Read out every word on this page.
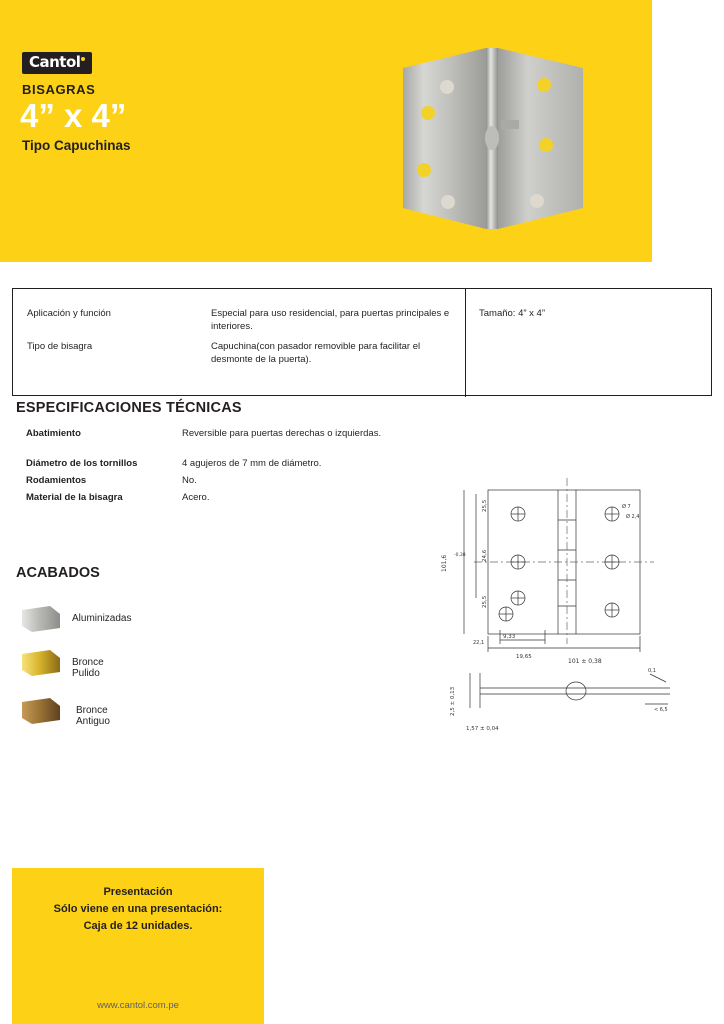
Cantol
BISAGRAS
4” x 4”
Tipo Capuchinas
Aplicación y función	Especial para uso residencial, para puertas principales e interiores.
Tipo de bisagra	Capuchina(con pasador removible para facilitar el desmonte de la puerta).
Tamaño: 4” x 4”
ESPECIFICACIONES TÉCNICAS
Abatimiento	Reversible para puertas derechas o izquierdas.
Diámetro de los tornillos	4 agujeros de 7 mm de diámetro.
Rodamientos	No.
Material de la bisagra	Acero.
ACABADOS
Aluminizadas
Bronce Pulido
Bronce Antiguo
101,6 -0,38
25,5
24,6
25,5
9,33
19,65
22,1
101 ± 0,38
2,5 ± 0,13
1,57 ± 0,04
0,1
< 6,5
Ø 7
Ø 2,4
Presentación
Sólo viene en una presentación:
Caja de 12 unidades.
www.cantol.com.pe
